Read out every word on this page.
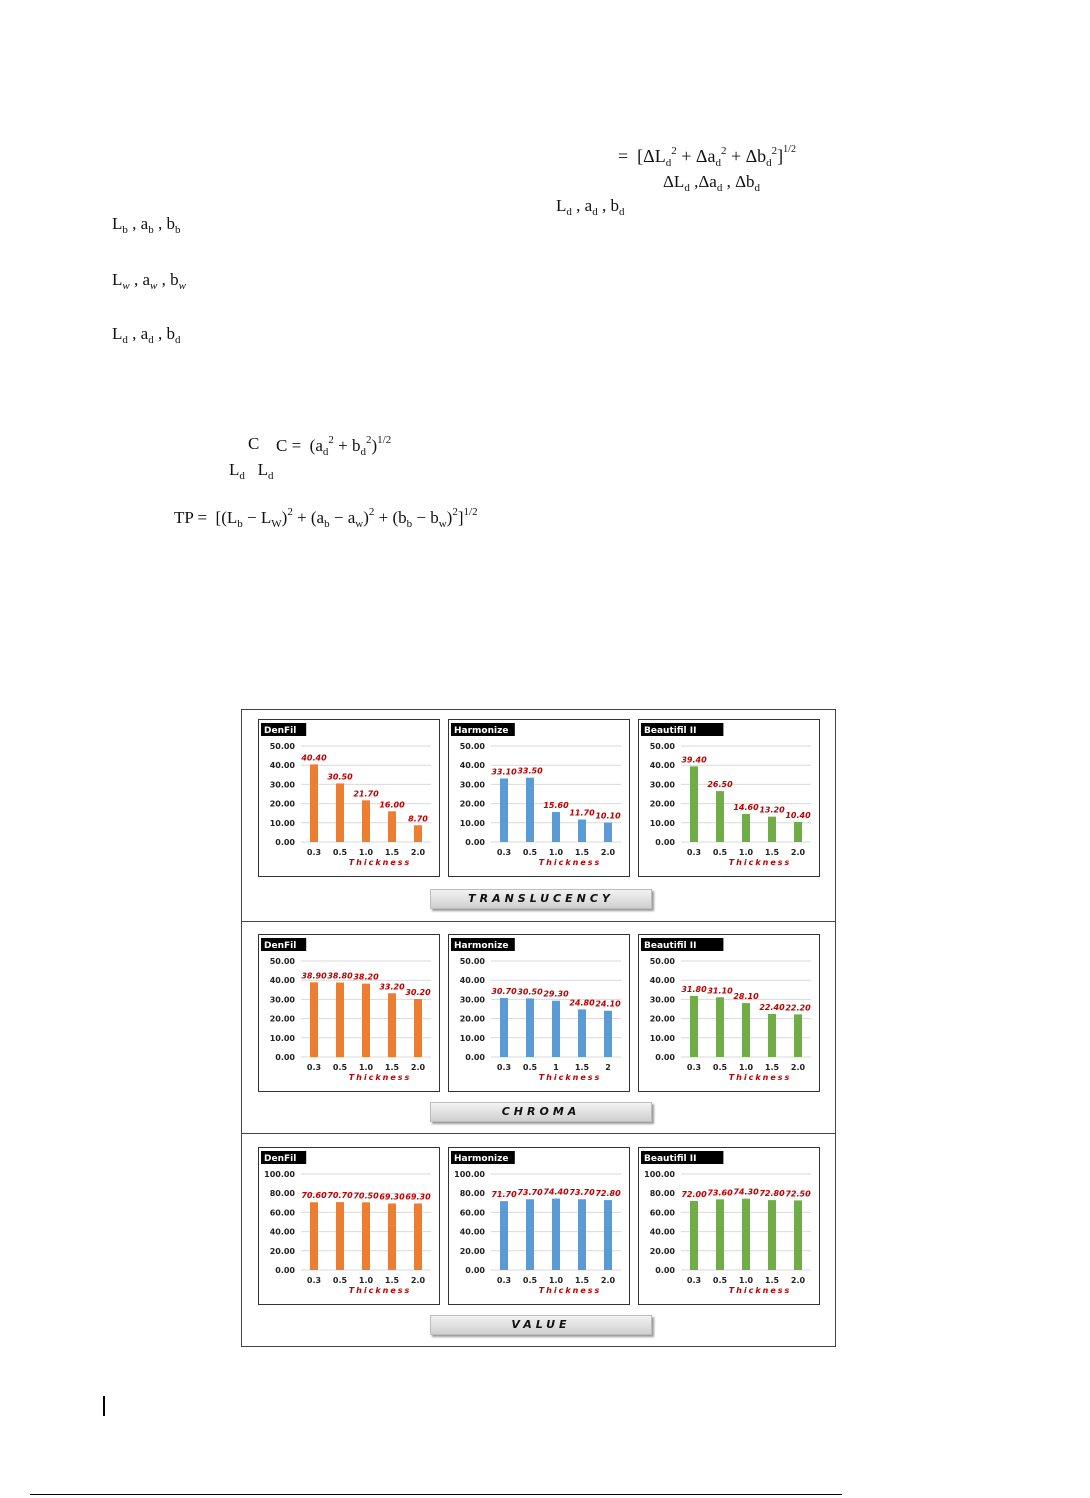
=  $[\Delta L_d^2 + \Delta a_d^2 + \Delta b_d^2]^{1/2}$
$\Delta L_d$ $,\Delta a_d$ , $\Delta b_d$
$L_d$ , $a_d$ , $b_d$
$L_b$ , $a_b$ , $b_b$
$L_w$ , $a_w$ , $b_w$
$L_d$ , $a_d$ , $b_d$
C $C = (a_d^2 + b_d^2)^{1/2}$
$L_d$   $L_d$
TP =  $[(L_b - L_W)^2 + (a_b - a_w)^2 + (b_b - b_w)^2]^{1/2}$
DenFil
50.00
40.00
30.00
20.00
10.00
0.00
40.40
0.3
30.50
0.5
21.70
1.0
16.00
1.5
8.70
2.0
Thickness
Harmonize
50.00
40.00
30.00
20.00
10.00
0.00
33.10
0.3
33.50
0.5
15.60
1.0
11.70
1.5
10.10
2.0
Thickness
Beautifil II
50.00
40.00
30.00
20.00
10.00
0.00
39.40
0.3
26.50
0.5
14.60
1.0
13.20
1.5
10.40
2.0
Thickness
TRANSLUCENCY
DenFil
50.00
40.00
30.00
20.00
10.00
0.00
38.90
0.3
38.80
0.5
38.20
1.0
33.20
1.5
30.20
2.0
Thickness
Harmonize
50.00
40.00
30.00
20.00
10.00
0.00
30.70
0.3
30.50
0.5
29.30
1
24.80
1.5
24.10
2
Thickness
Beautifil II
50.00
40.00
30.00
20.00
10.00
0.00
31.80
0.3
31.10
0.5
28.10
1.0
22.40
1.5
22.20
2.0
Thickness
CHROMA
DenFil
100.00
80.00
60.00
40.00
20.00
0.00
70.60
0.3
70.70
0.5
70.50
1.0
69.30
1.5
69.30
2.0
Thickness
Harmonize
100.00
80.00
60.00
40.00
20.00
0.00
71.70
0.3
73.70
0.5
74.40
1.0
73.70
1.5
72.80
2.0
Thickness
Beautifil II
100.00
80.00
60.00
40.00
20.00
0.00
72.00
0.3
73.60
0.5
74.30
1.0
72.80
1.5
72.50
2.0
Thickness
VALUE
